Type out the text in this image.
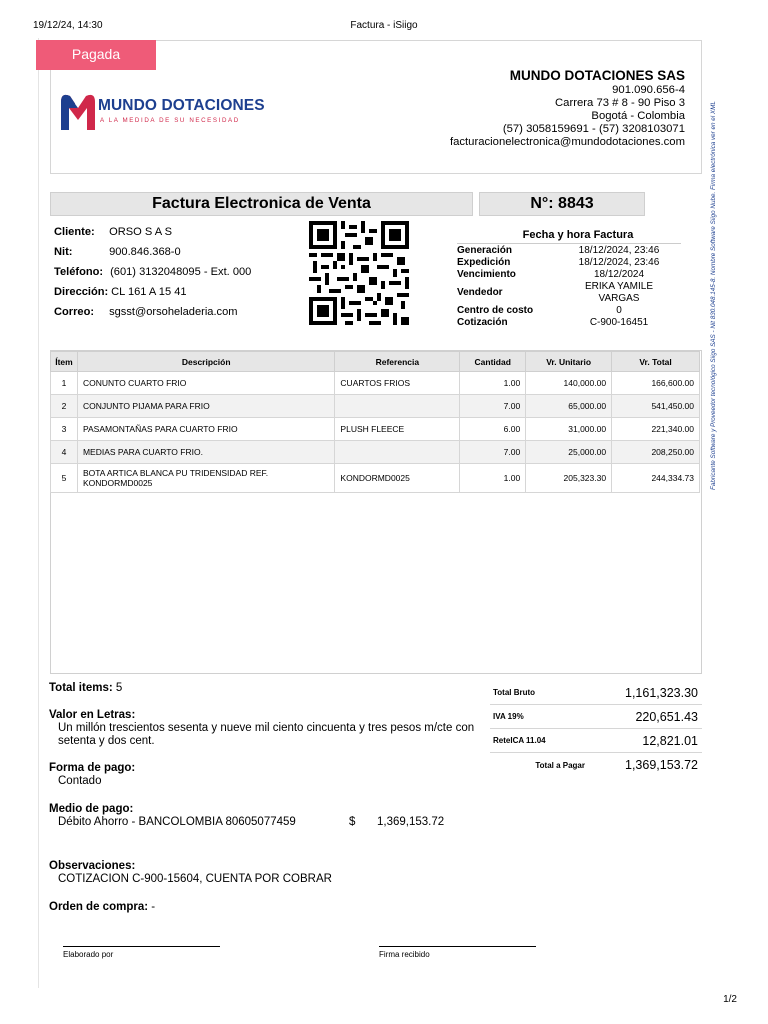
19/12/24, 14:30	Factura - iSiigo
1/2
Pagada
MUNDO DOTACIONES
A LA MEDIDA DE SU NECESIDAD
MUNDO DOTACIONES SAS
901.090.656-4
Carrera 73 # 8 - 90 Piso 3
Bogotá - Colombia
(57) 3058159691 - (57) 3208103071
facturacionelectronica@mundodotaciones.com	Fabricante Software y Proveedor tecnológico Siigo SAS - Nit 830.048.145-8. Nombre Software Siigo Nube. Firma electrónica ver en el XML
Factura Electronica de Venta	N°: 8843
Cliente: ORSO S A S
Nit:	900.846.368-0
Teléfono: (601) 3132048095 - Ext. 000
Dirección: CL 161 A 15 41
Correo: sgsst@orsoheladeria.com
Fecha y hora Factura
Generación	18/12/2024, 23:46
Expedición	18/12/2024, 23:46
Vencimiento	18/12/2024
Vendedor
ERIKA YAMILE
VARGAS
Centro de costo	0
Cotización	C-900-16451
Ítem	Descripción	Referencia	Cantidad	Vr. Unitario	Vr. Total
1	CONUNTO CUARTO FRIO	CUARTOS FRIOS	1.00	140,000.00	166,600.00
2	CONJUNTO PIJAMA PARA FRIO		7.00	65,000.00	541,450.00
3	PASAMONTAÑAS PARA CUARTO FRIO	PLUSH FLEECE	6.00	31,000.00	221,340.00
4	MEDIAS PARA CUARTO FRIO.		7.00	25,000.00	208,250.00
5	BOTA ARTICA BLANCA PU TRIDENSIDAD REF. KONDORMD0025	KONDORMD0025	1.00	205,323.30	244,334.73
Total items: 5
Valor en Letras:
Un millón trescientos sesenta y nueve mil ciento cincuenta y tres pesos m/cte con
setenta y dos cent.
Forma de pago:
Contado
Medio de pago:
Débito Ahorro - BANCOLOMBIA 80605077459	$ 1,369,153.72
Observaciones:
COTIZACION C-900-15604, CUENTA POR COBRAR
Orden de compra: -
Total Bruto	1,161,323.30
IVA 19%	220,651.43
ReteICA 11.04	12,821.01
Total a Pagar	1,369,153.72
Elaborado por	Firma recibido
